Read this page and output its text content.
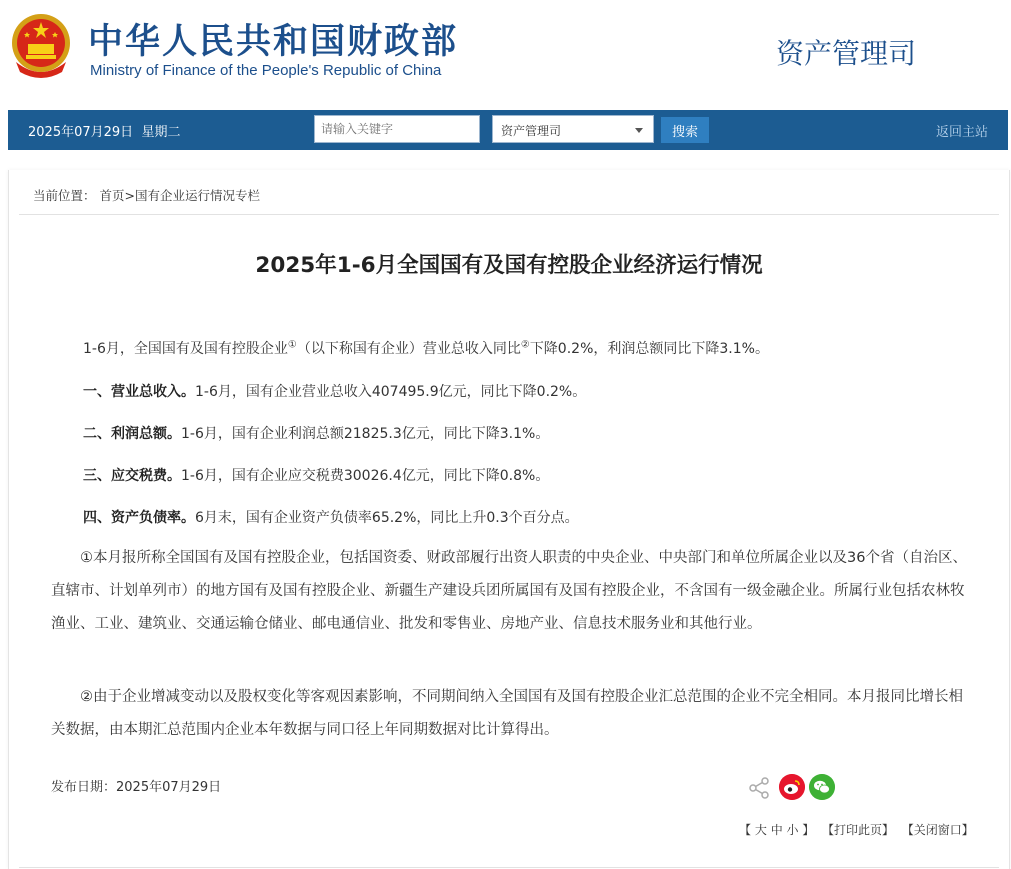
中华人民共和国财政部
Ministry of Finance of the People's Republic of China
资产管理司
2025年07月29日 星期二
请输入关键字	资产管理司	搜索	返回主站
当前位置： 首页>国有企业运行情况专栏
2025年1-6月全国国有及国有控股企业经济运行情况
1-6月，全国国有及国有控股企业①（以下称国有企业）营业总收入同比②下降0.2%，利润总额同比下降3.1%。
一、营业总收入。1-6月，国有企业营业总收入407495.9亿元，同比下降0.2%。
二、利润总额。1-6月，国有企业利润总额21825.3亿元，同比下降3.1%。
三、应交税费。1-6月，国有企业应交税费30026.4亿元，同比下降0.8%。
四、资产负债率。6月末，国有企业资产负债率65.2%，同比上升0.3个百分点。
①本月报所称全国国有及国有控股企业，包括国资委、财政部履行出资人职责的中央企业、中央部门和单位所属企业以及36个省（自治区、直辖市、计划单列市）的地方国有及国有控股企业、新疆生产建设兵团所属国有及国有控股企业，不含国有一级金融企业。所属行业包括农林牧渔业、工业、建筑业、交通运输仓储业、邮电通信业、批发和零售业、房地产业、信息技术服务业和其他行业。
②由于企业增减变动以及股权变化等客观因素影响，不同期间纳入全国国有及国有控股企业汇总范围的企业不完全相同。本月报同比增长相关数据，由本期汇总范围内企业本年数据与同口径上年同期数据对比计算得出。
发布日期：2025年07月29日
【 大 中 小 】 【打印此页】 【关闭窗口】
